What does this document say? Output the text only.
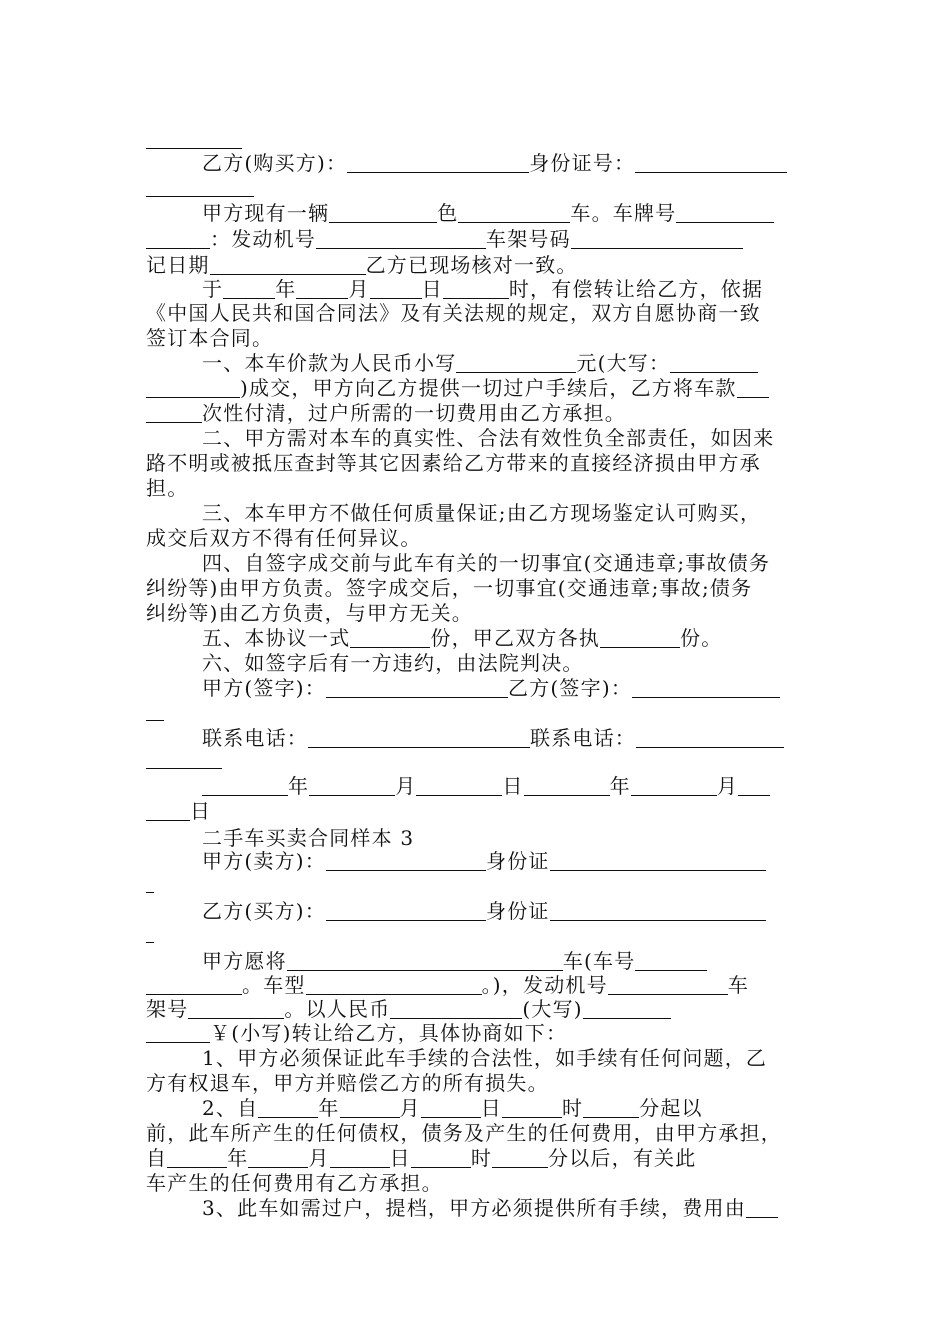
乙方(购买方)：	身份证号：
甲方现有一辆	色	车。车牌号
：发动机号	车架号码
记日期	乙方已现场核对一致。
于	年	月	日	时，有偿转让给乙方，依据
《中国人民共和国合同法》及有关法规的规定，双方自愿协商一致
签订本合同。
一、本车价款为人民币小写	元(大写：
)成交，甲方向乙方提供一切过户手续后，乙方将车款
次性付清，过户所需的一切费用由乙方承担。
二、甲方需对本车的真实性、合法有效性负全部责任，如因来
路不明或被抵压查封等其它因素给乙方带来的直接经济损由甲方承
担。
三、本车甲方不做任何质量保证;由乙方现场鉴定认可购买，
成交后双方不得有任何异议。
四、自签字成交前与此车有关的一切事宜(交通违章;事故债务
纠纷等)由甲方负责。签字成交后，一切事宜(交通违章;事故;债务
纠纷等)由乙方负责，与甲方无关。
五、本协议一式	份，甲乙双方各执	份。
六、如签字后有一方违约，由法院判决。
甲方(签字)：	乙方(签字)：
联系电话：	联系电话：
年	月	日	年	月
日
二手车买卖合同样本 3
甲方(卖方)：	身份证
乙方(买方)：	身份证
甲方愿将	车(车号
。车型	。)，发动机号	车
架号	。以人民币	(大写)
￥(小写)转让给乙方，具体协商如下：
1、甲方必须保证此车手续的合法性，如手续有任何问题，乙
方有权退车，甲方并赔偿乙方的所有损失。
2、自	年	月	日	时	分起以
前，此车所产生的任何债权，债务及产生的任何费用，由甲方承担，
自	年	月	日	时	分以后，有关此
车产生的任何费用有乙方承担。
3、此车如需过户，提档，甲方必须提供所有手续，费用由
